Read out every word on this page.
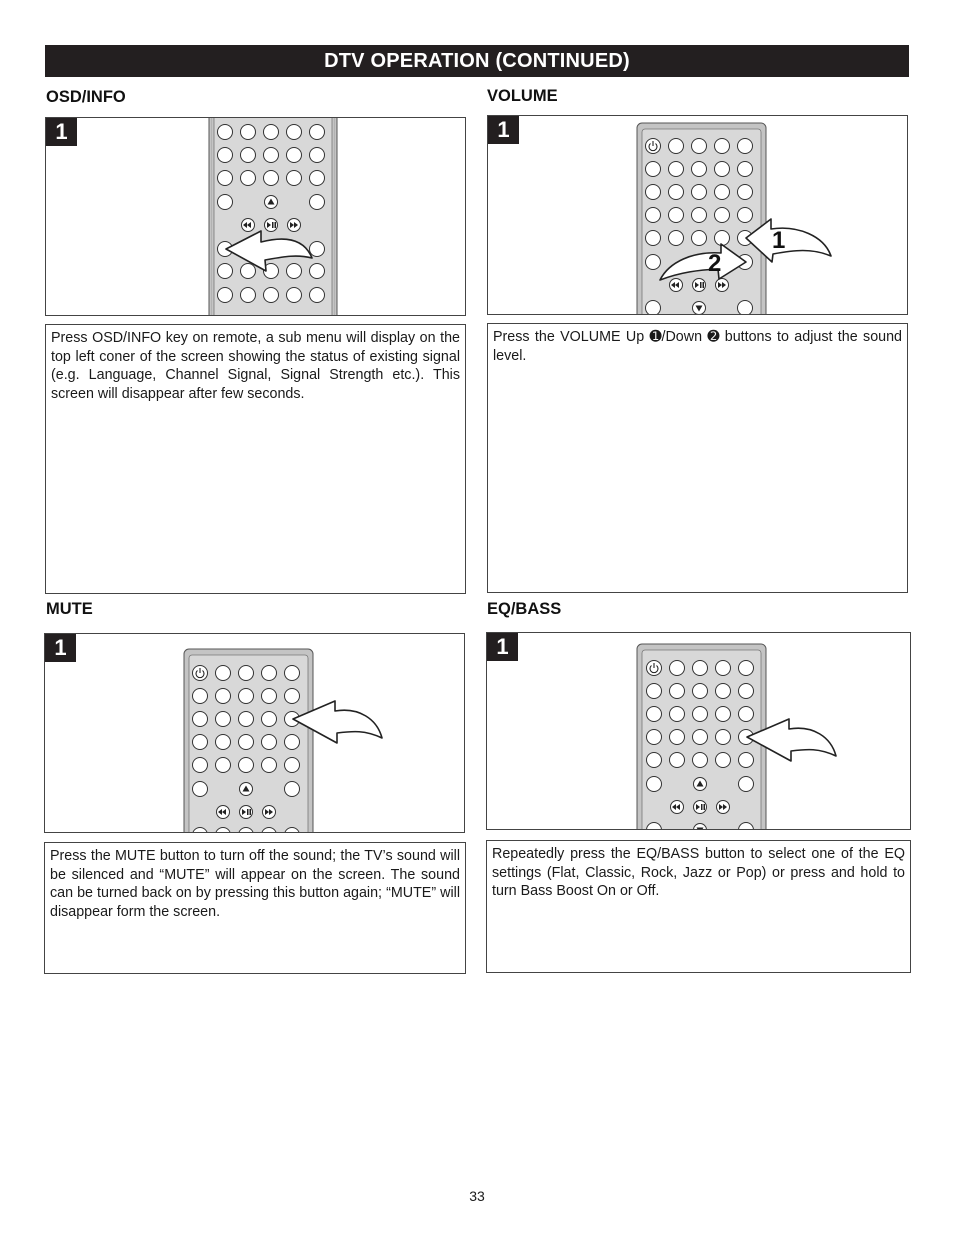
DTV OPERATION (CONTINUED)
OSD/INFO
1
Press OSD/INFO key on remote, a sub menu will display on the top left coner of the screen showing the status of existing signal (e.g. Language, Channel Signal, Signal Strength etc.). This screen will disappear after few seconds.
VOLUME
1
2
1
Press the VOLUME Up ➊/Down ➋ buttons to adjust the sound level.
MUTE
1
Press the MUTE button to turn off the sound; the TV’s sound will be silenced and “MUTE” will appear on the screen. The sound can be turned back on by pressing this button again; “MUTE” will disappear form the screen.
EQ/BASS
1
Repeatedly press the EQ/BASS button to select one of the EQ settings (Flat, Classic, Rock, Jazz or Pop) or press and hold to turn Bass Boost On or Off.
33
